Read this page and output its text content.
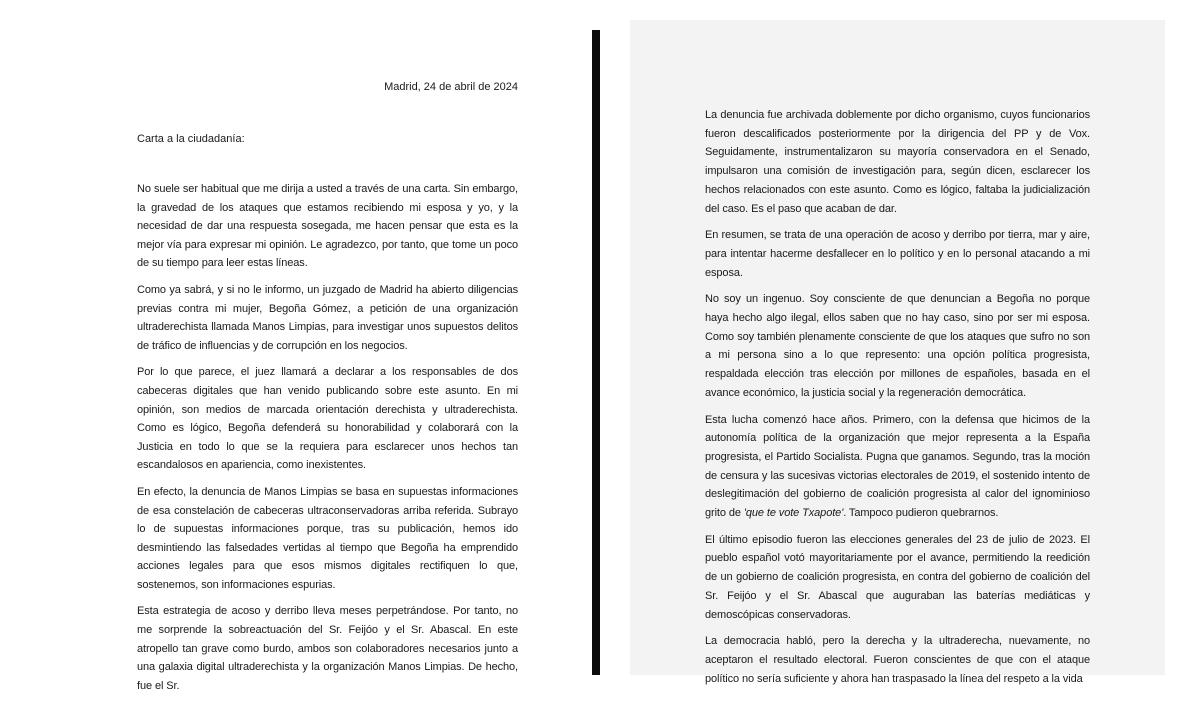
Madrid, 24 de abril de 2024
Carta a la ciudadanía:

No suele ser habitual que me dirija a usted a través de una carta. Sin embargo, la gravedad de los ataques que estamos recibiendo mi esposa y yo, y la necesidad de dar una respuesta sosegada, me hacen pensar que esta es la mejor vía para expresar mi opinión. Le agradezco, por tanto, que tome un poco de su tiempo para leer estas líneas.

Como ya sabrá, y si no le informo, un juzgado de Madrid ha abierto diligencias previas contra mi mujer, Begoña Gómez, a petición de una organización ultraderechista llamada Manos Limpias, para investigar unos supuestos delitos de tráfico de influencias y de corrupción en los negocios.

Por lo que parece, el juez llamará a declarar a los responsables de dos cabeceras digitales que han venido publicando sobre este asunto. En mi opinión, son medios de marcada orientación derechista y ultraderechista. Como es lógico, Begoña defenderá su honorabilidad y colaborará con la Justicia en todo lo que se la requiera para esclarecer unos hechos tan escandalosos en apariencia, como inexistentes.

En efecto, la denuncia de Manos Limpias se basa en supuestas informaciones de esa constelación de cabeceras ultraconservadoras arriba referida. Subrayo lo de supuestas informaciones porque, tras su publicación, hemos ido desmintiendo las falsedades vertidas al tiempo que Begoña ha emprendido acciones legales para que esos mismos digitales rectifiquen lo que, sostenemos, son informaciones espurias.

Esta estrategia de acoso y derribo lleva meses perpetrándose. Por tanto, no me sorprende la sobreactuación del Sr. Feijóo y el Sr. Abascal. En este atropello tan grave como burdo, ambos son colaboradores necesarios junto a una galaxia digital ultraderechista y la organización Manos Limpias. De hecho, fue el Sr.

La denuncia fue archivada doblemente por dicho organismo, cuyos funcionarios fueron descalificados posteriormente por la dirigencia del PP y de Vox. Seguidamente, instrumentalizaron su mayoría conservadora en el Senado, impulsaron una comisión de investigación para, según dicen, esclarecer los hechos relacionados con este asunto. Como es lógico, faltaba la judicialización del caso. Es el paso que acaban de dar.

En resumen, se trata de una operación de acoso y derribo por tierra, mar y aire, para intentar hacerme desfallecer en lo político y en lo personal atacando a mi esposa.

No soy un ingenuo. Soy consciente de que denuncian a Begoña no porque haya hecho algo ilegal, ellos saben que no hay caso, sino por ser mi esposa. Como soy también plenamente consciente de que los ataques que sufro no son a mi persona sino a lo que represento: una opción política progresista, respaldada elección tras elección por millones de españoles, basada en el avance económico, la justicia social y la regeneración democrática.

Esta lucha comenzó hace años. Primero, con la defensa que hicimos de la autonomía política de la organización que mejor representa a la España progresista, el Partido Socialista. Pugna que ganamos. Segundo, tras la moción de censura y las sucesivas victorias electorales de 2019, el sostenido intento de deslegitimación del gobierno de coalición progresista al calor del ignominioso grito de 'que te vote Txapote'. Tampoco pudieron quebrarnos.

El último episodio fueron las elecciones generales del 23 de julio de 2023. El pueblo español votó mayoritariamente por el avance, permitiendo la reedición de un gobierno de coalición progresista, en contra del gobierno de coalición del Sr. Feijóo y el Sr. Abascal que auguraban las baterías mediáticas y demoscópicas conservadoras.

La democracia habló, pero la derecha y la ultraderecha, nuevamente, no aceptaron el resultado electoral. Fueron conscientes de que con el ataque político no sería suficiente y ahora han traspasado la línea del respeto a la vida
